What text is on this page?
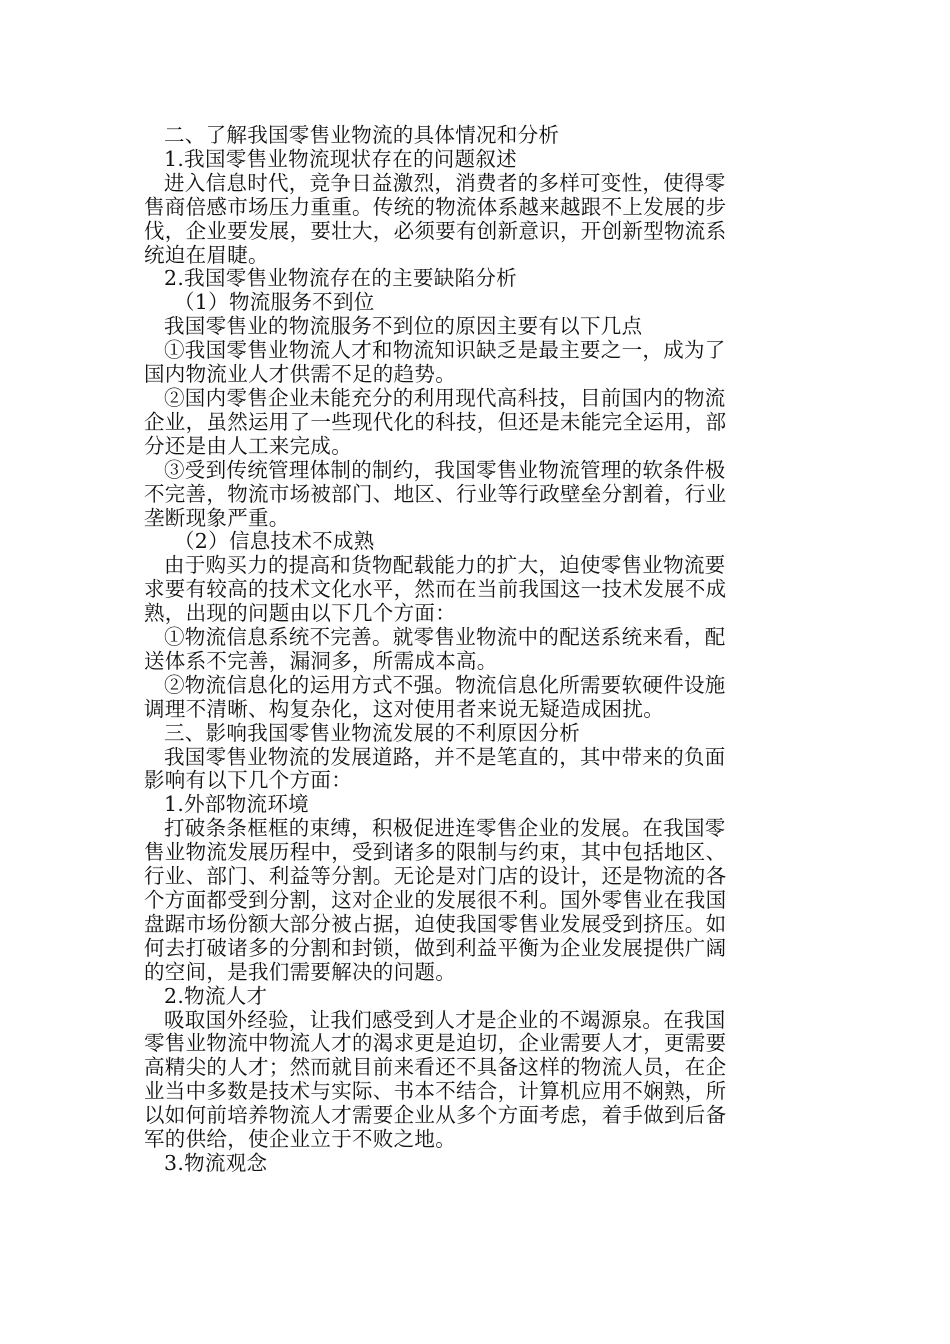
二、了解我国零售业物流的具体情况和分析

1.我国零售业物流现状存在的问题叙述

进入信息时代，竞争日益激烈，消费者的多样可变性，使得零

售商倍感市场压力重重。传统的物流体系越来越跟不上发展的步

伐，企业要发展，要壮大，必须要有创新意识，开创新型物流系

统迫在眉睫。

2.我国零售业物流存在的主要缺陷分析

（1）物流服务不到位

我国零售业的物流服务不到位的原因主要有以下几点

①我国零售业物流人才和物流知识缺乏是最主要之一，成为了

国内物流业人才供需不足的趋势。

②国内零售企业未能充分的利用现代高科技，目前国内的物流

企业，虽然运用了一些现代化的科技，但还是未能完全运用，部

分还是由人工来完成。

③受到传统管理体制的制约，我国零售业物流管理的软条件极

不完善，物流市场被部门、地区、行业等行政壁垒分割着，行业

垄断现象严重。

（2）信息技术不成熟

由于购买力的提高和货物配载能力的扩大，迫使零售业物流要

求要有较高的技术文化水平，然而在当前我国这一技术发展不成

熟，出现的问题由以下几个方面：

①物流信息系统不完善。就零售业物流中的配送系统来看，配

送体系不完善，漏洞多，所需成本高。

②物流信息化的运用方式不强。物流信息化所需要软硬件设施

调理不清晰、构复杂化，这对使用者来说无疑造成困扰。

三、影响我国零售业物流发展的不利原因分析

我国零售业物流的发展道路，并不是笔直的，其中带来的负面

影响有以下几个方面：

1.外部物流环境

打破条条框框的束缚，积极促进连零售企业的发展。在我国零

售业物流发展历程中，受到诸多的限制与约束，其中包括地区、

行业、部门、利益等分割。无论是对门店的设计，还是物流的各

个方面都受到分割，这对企业的发展很不利。国外零售业在我国

盘踞市场份额大部分被占据，迫使我国零售业发展受到挤压。如

何去打破诸多的分割和封锁，做到利益平衡为企业发展提供广阔

的空间，是我们需要解决的问题。

2.物流人才

吸取国外经验，让我们感受到人才是企业的不竭源泉。在我国

零售业物流中物流人才的渴求更是迫切，企业需要人才，更需要

高精尖的人才；然而就目前来看还不具备这样的物流人员，在企

业当中多数是技术与实际、书本不结合，计算机应用不娴熟，所

以如何前培养物流人才需要企业从多个方面考虑，着手做到后备

军的供给，使企业立于不败之地。

3.物流观念
